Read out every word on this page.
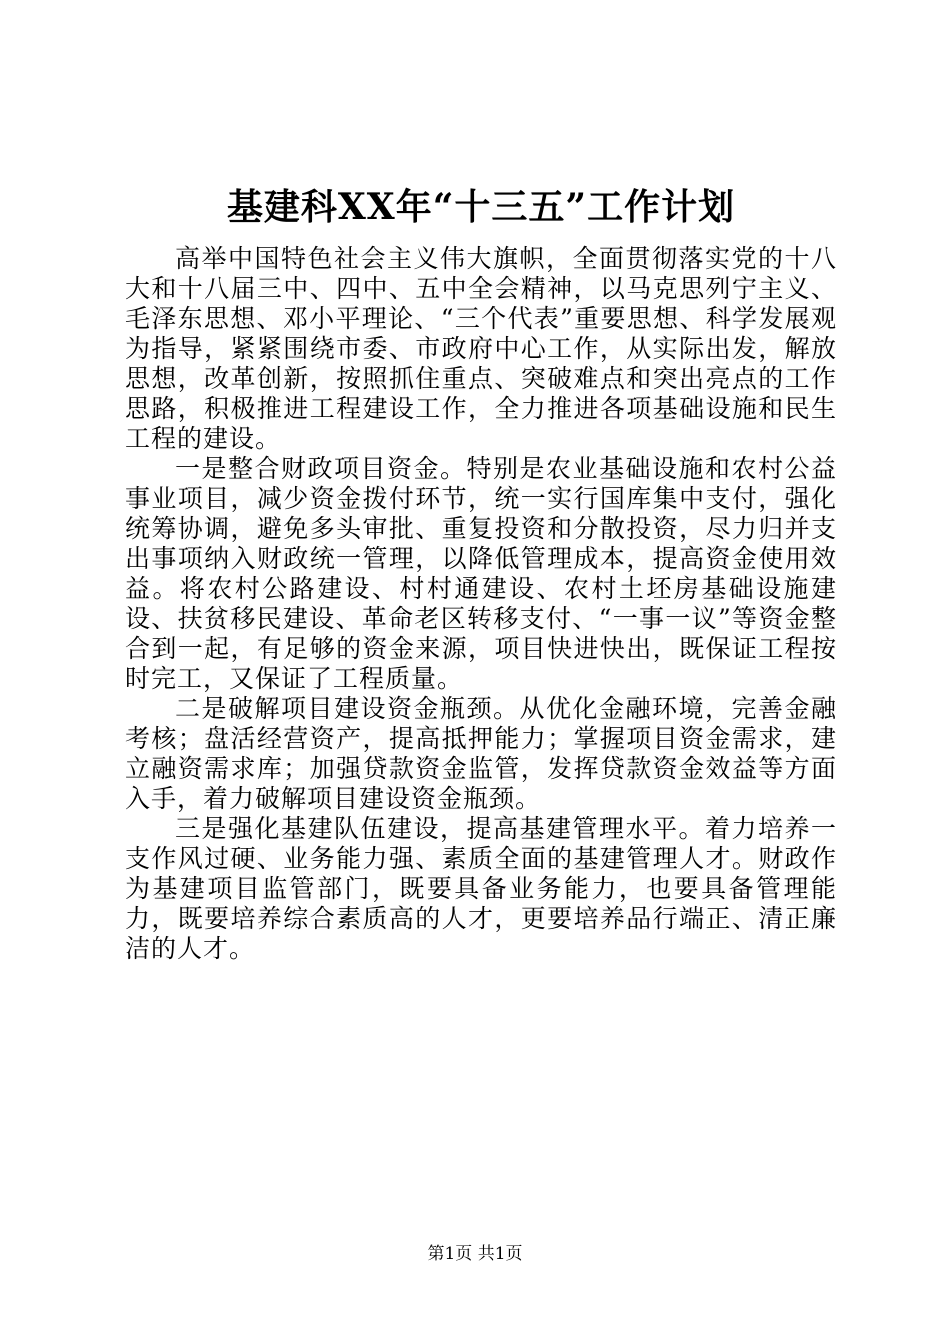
基建科XX年“十三五”工作计划

高举中国特色社会主义伟大旗帜，全面贯彻落实党的十八大和十八届三中、四中、五中全会精神，以马克思列宁主义、毛泽东思想、邓小平理论、“三个代表”重要思想、科学发展观为指导，紧紧围绕市委、市政府中心工作，从实际出发，解放思想，改革创新，按照抓住重点、突破难点和突出亮点的工作思路，积极推进工程建设工作，全力推进各项基础设施和民生工程的建设。

一是整合财政项目资金。特别是农业基础设施和农村公益事业项目，减少资金拨付环节，统一实行国库集中支付，强化统筹协调，避免多头审批、重复投资和分散投资，尽力归并支出事项纳入财政统一管理，以降低管理成本，提高资金使用效益。将农村公路建设、村村通建设、农村土坯房基础设施建设、扶贫移民建设、革命老区转移支付、“一事一议”等资金整合到一起，有足够的资金来源，项目快进快出，既保证工程按时完工，又保证了工程质量。

二是破解项目建设资金瓶颈。从优化金融环境，完善金融考核；盘活经营资产，提高抵押能力；掌握项目资金需求，建立融资需求库；加强贷款资金监管，发挥贷款资金效益等方面入手，着力破解项目建设资金瓶颈。

三是强化基建队伍建设，提高基建管理水平。着力培养一支作风过硬、业务能力强、素质全面的基建管理人才。财政作为基建项目监管部门，既要具备业务能力，也要具备管理能力，既要培养综合素质高的人才，更要培养品行端正、清正廉洁的人才。

第1页 共1页
